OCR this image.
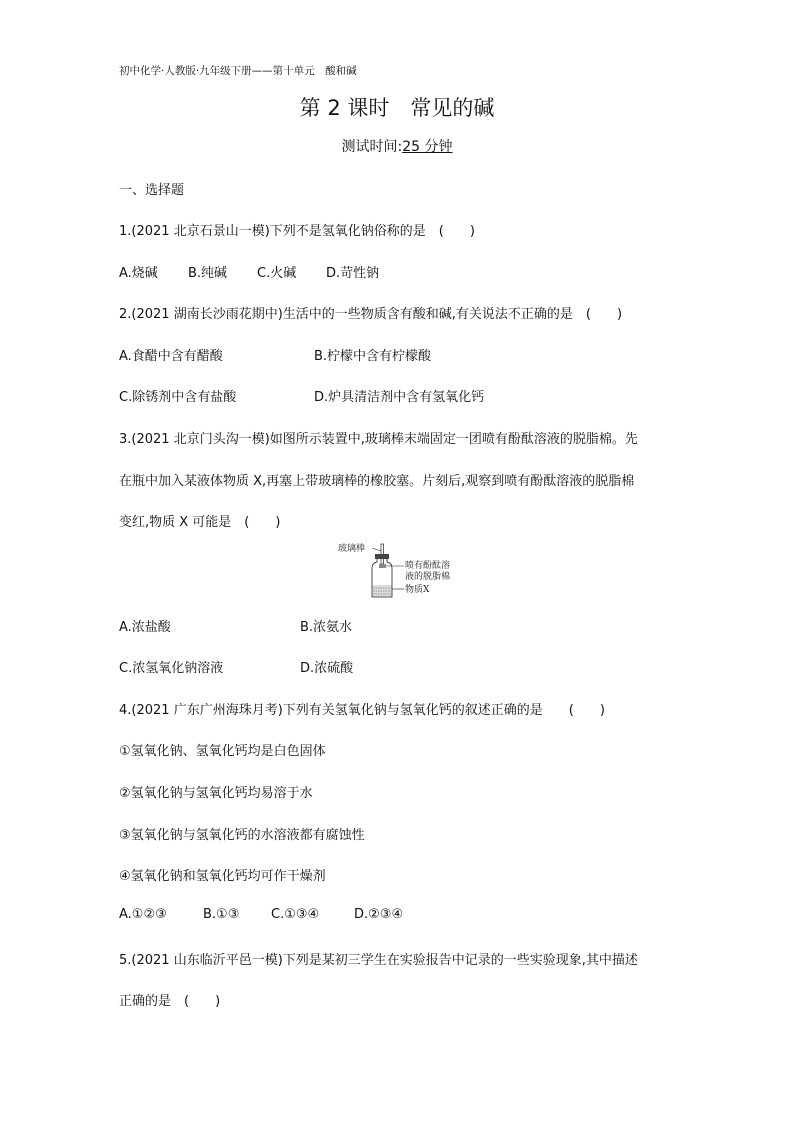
初中化学·人教版·九年级下册——第十单元　酸和碱
第 2 课时　常见的碱
测试时间:25 分钟
一、选择题
1.(2021 北京石景山一模)下列不是氢氧化钠俗称的是　(　　)
A.烧碱 B.纯碱 C.火碱 D.苛性钠
2.(2021 湖南长沙雨花期中)生活中的一些物质含有酸和碱,有关说法不正确的是　(　　)
A.食醋中含有醋酸	B.柠檬中含有柠檬酸
C.除锈剂中含有盐酸	D.炉具清洁剂中含有氢氧化钙
3.(2021 北京门头沟一模)如图所示装置中,玻璃棒末端固定一团喷有酚酞溶液的脱脂棉。先
在瓶中加入某液体物质 X,再塞上带玻璃棒的橡胶塞。片刻后,观察到喷有酚酞溶液的脱脂棉
变红,物质 X 可能是　(　　)
玻璃棒
喷有酚酞溶
液的脱脂棉
物质X
A.浓盐酸	B.浓氨水
C.浓氢氧化钠溶液	D.浓硫酸
4.(2021 广东广州海珠月考)下列有关氢氧化钠与氢氧化钙的叙述正确的是　　(　　)
①氢氧化钠、氢氧化钙均是白色固体
②氢氧化钠与氢氧化钙均易溶于水
③氢氧化钠与氢氧化钙的水溶液都有腐蚀性
④氢氧化钠和氢氧化钙均可作干燥剂
A.①②③	B.①③ C.①③④	D.②③④
5.(2021 山东临沂平邑一模)下列是某初三学生在实验报告中记录的一些实验现象,其中描述
正确的是　(　　)
